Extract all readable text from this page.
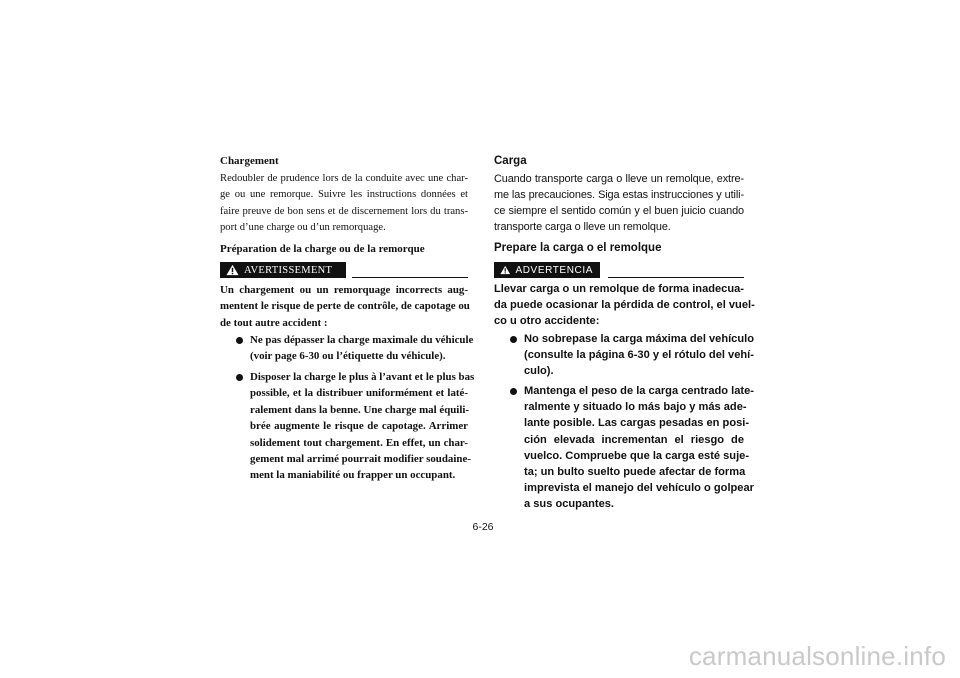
Chargement
Redoubler de prudence lors de la conduite avec une char-
ge ou une remorque. Suivre les instructions données et
faire preuve de bon sens et de discernement lors du trans-
port d’une charge ou d’un remorquage.
Préparation de la charge ou de la remorque
AVERTISSEMENT
Un chargement ou un remorquage incorrects aug-
mentent le risque de perte de contrôle, de capotage ou
de tout autre accident :
Ne pas dépasser la charge maximale du véhicule
(voir page 6-30 ou l’étiquette du véhicule).
Disposer la charge le plus à l’avant et le plus bas
possible, et la distribuer uniformément et laté-
ralement dans la benne. Une charge mal équili-
brée augmente le risque de capotage. Arrimer
solidement tout chargement. En effet, un char-
gement mal arrimé pourrait modifier soudaine-
ment la maniabilité ou frapper un occupant.
Carga
Cuando transporte carga o lleve un remolque, extre-
me las precauciones. Siga estas instrucciones y utili-
ce siempre el sentido común y el buen juicio cuando
transporte carga o lleve un remolque.
Prepare la carga o el remolque
ADVERTENCIA
Llevar carga o un remolque de forma inadecua-
da puede ocasionar la pérdida de control, el vuel-
co u otro accidente:
No sobrepase la carga máxima del vehículo
(consulte la página 6-30 y el rótulo del vehí-
culo).
Mantenga el peso de la carga centrado late-
ralmente y situado lo más bajo y más ade-
lante posible. Las cargas pesadas en posi-
ción elevada incrementan el riesgo de
vuelco. Compruebe que la carga esté suje-
ta; un bulto suelto puede afectar de forma
imprevista el manejo del vehículo o golpear
a sus ocupantes.
6-26
carmanualsonline.info
